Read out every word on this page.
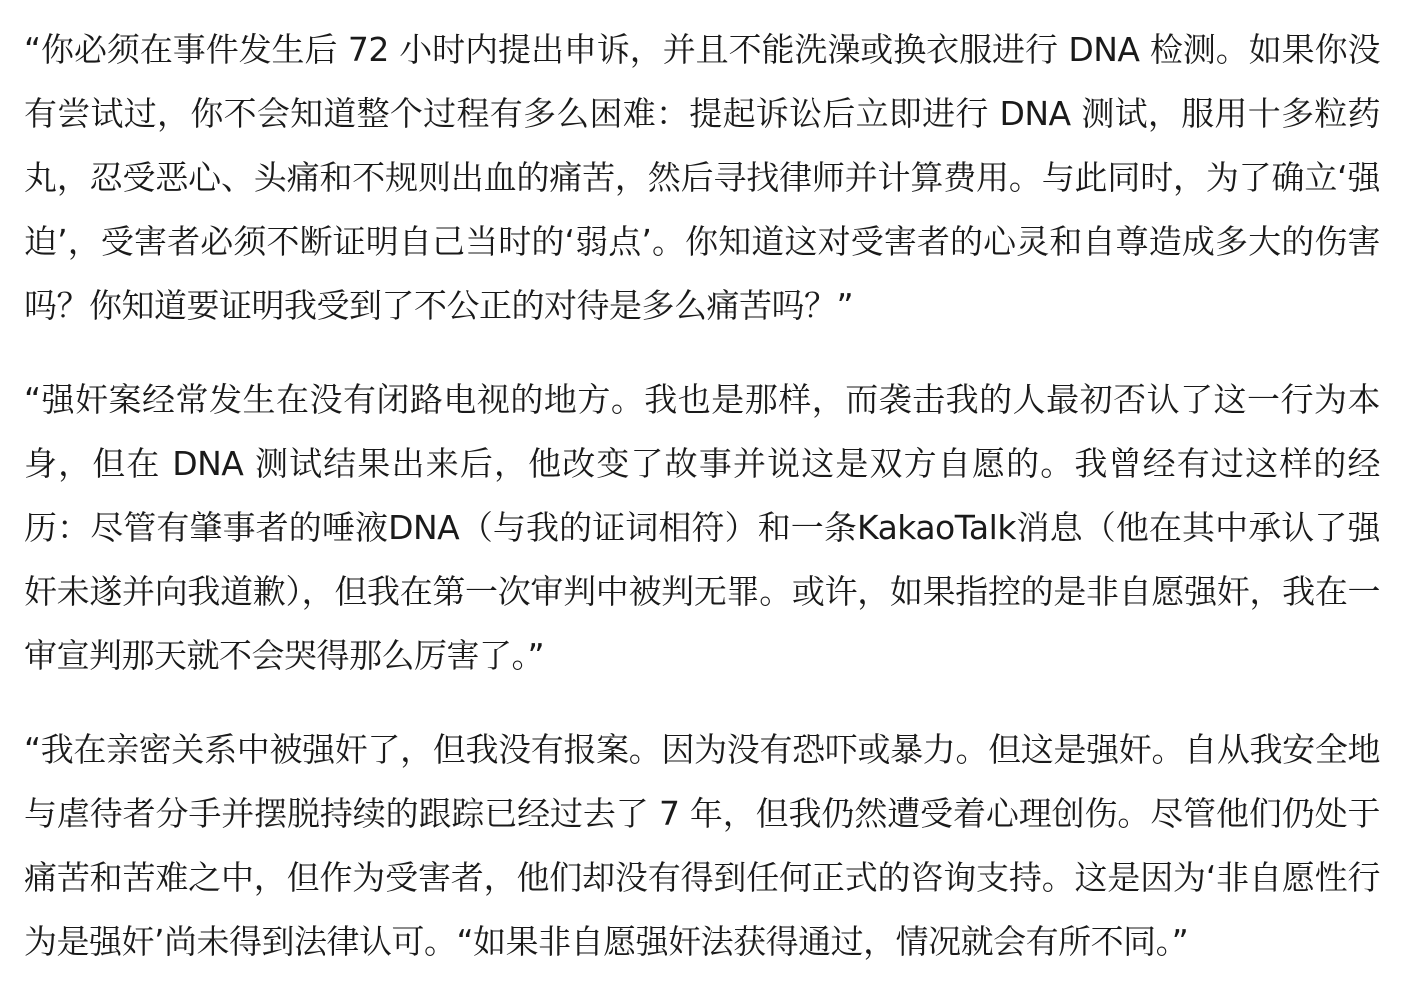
“你必须在事件发生后 72 小时内提出申诉，并且不能洗澡或换衣服进行 DNA 检测。如果你没有尝试过，你不会知道整个过程有多么困难：提起诉讼后立即进行 DNA 测试，服用十多粒药丸，忍受恶心、头痛和不规则出血的痛苦，然后寻找律师并计算费用。与此同时，为了确立‘强迫’，受害者必须不断证明自己当时的‘弱点’。你知道这对受害者的心灵和自尊造成多大的伤害吗？你知道要证明我受到了不公正的对待是多么痛苦吗？”

“强奸案经常发生在没有闭路电视的地方。我也是那样，而袭击我的人最初否认了这一行为本身，但在 DNA 测试结果出来后，他改变了故事并说这是双方自愿的。我曾经有过这样的经历：尽管有肇事者的唾液DNA（与我的证词相符）和一条KakaoTalk消息（他在其中承认了强奸未遂并向我道歉），但我在第一次审判中被判无罪。或许，如果指控的是非自愿强奸，我在一审宣判那天就不会哭得那么厉害了。”

“我在亲密关系中被强奸了，但我没有报案。因为没有恐吓或暴力。但这是强奸。自从我安全地与虐待者分手并摆脱持续的跟踪已经过去了 7 年，但我仍然遭受着心理创伤。尽管他们仍处于痛苦和苦难之中，但作为受害者，他们却没有得到任何正式的咨询支持。这是因为‘非自愿性行为是强奸’尚未得到法律认可。“如果非自愿强奸法获得通过，情况就会有所不同。”
